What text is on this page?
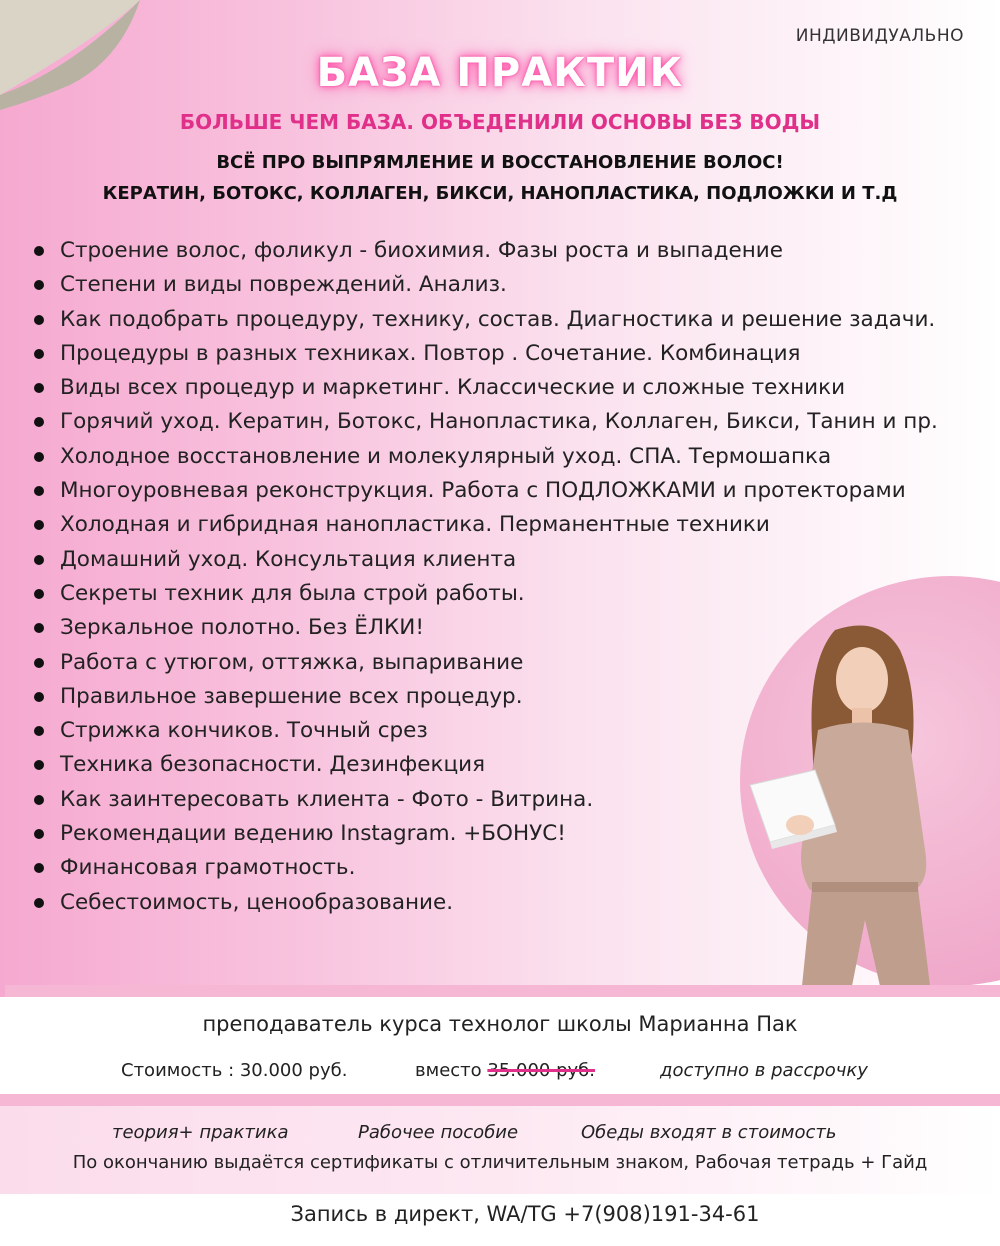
ИНДИВИДУАЛЬНО
БАЗА ПРАКТИК
БОЛЬШЕ ЧЕМ БАЗА. ОБЪЕДЕНИЛИ ОСНОВЫ БЕЗ ВОДЫ
ВСЁ ПРО ВЫПРЯМЛЕНИЕ И ВОССТАНОВЛЕНИЕ ВОЛОС!
КЕРАТИН, БОТОКС, КОЛЛАГЕН, БИКСИ, НАНОПЛАСТИКА, ПОДЛОЖКИ И Т.Д
Строение волос, фоликул - биохимия. Фазы роста и выпадение
Степени и виды повреждений. Анализ.
Как подобрать процедуру, технику, состав. Диагностика и решение задачи.
Процедуры в разных техниках. Повтор . Сочетание. Комбинация
Виды всех процедур и маркетинг. Классические и сложные техники
Горячий уход. Кератин, Ботокс, Нанопластика, Коллаген, Бикси, Танин и пр.
Холодное восстановление и молекулярный уход. СПА. Термошапка
Многоуровневая реконструкция. Работа с ПОДЛОЖКАМИ и протекторами
Холодная и гибридная нанопластика. Перманентные техники
Домашний уход. Консультация клиента
Секреты техник для была строй работы.
Зеркальное полотно. Без ЁЛКИ!
Работа с утюгом, оттяжка, выпаривание
Правильное завершение всех процедур.
Стрижка кончиков. Точный срез
Техника безопасности. Дезинфекция
Как заинтересовать клиента - Фото - Витрина.
Рекомендации ведению Instagram. +БОНУС!
Финансовая грамотность.
Себестоимость, ценообразование.
преподаватель курса технолог школы Марианна Пак
Стоимость : 30.000 руб.	вместо 35.000 руб.	доступно в рассрочку
теория+ практика	Рабочее пособие	Обеды входят в стоимость
По окончанию выдаётся сертификаты с отличительным знаком, Рабочая тетрадь + Гайд
Запись в директ, WA/TG +7(908)191-34-61
